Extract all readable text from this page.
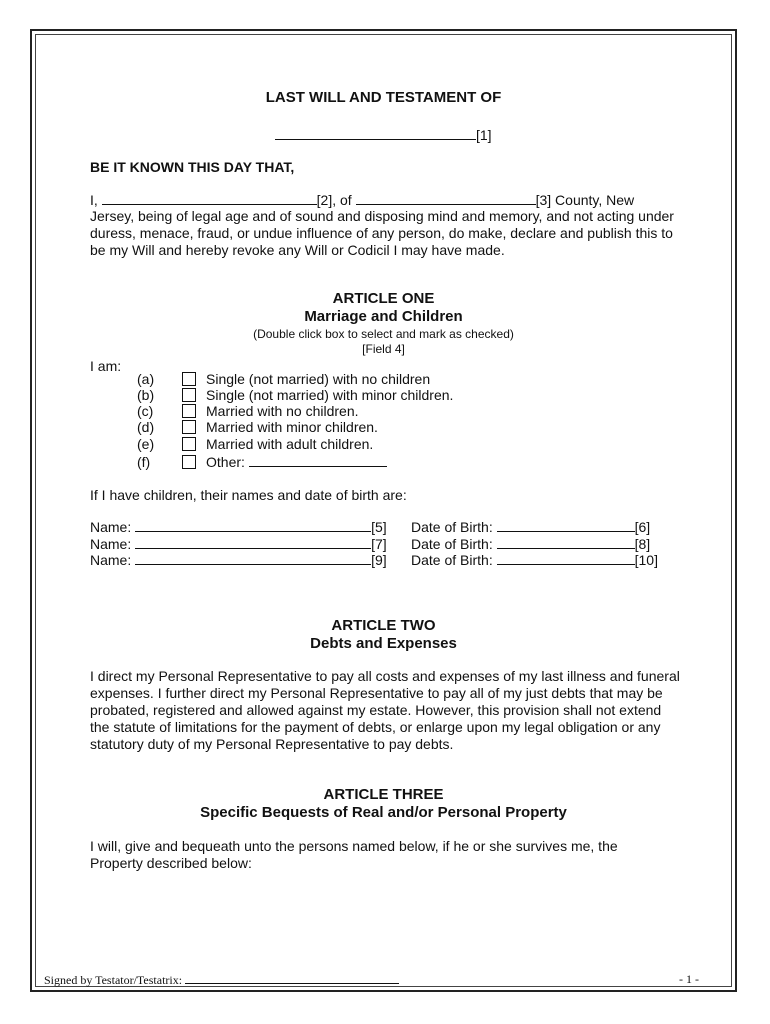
LAST WILL AND TESTAMENT OF
[1]
BE IT KNOWN THIS DAY THAT,
I,	[2], of	[3] County, New
Jersey, being of legal age and of sound and disposing mind and memory, and not acting under
duress, menace, fraud, or undue influence of any person, do make, declare and publish this to
be my Will and hereby revoke any Will or Codicil I may have made.
ARTICLE ONE
Marriage and Children
(Double click box to select and mark as checked)
[Field 4]
I am:
(a)	Single (not married) with no children
(b)	Single (not married) with minor children.
(c)	Married with no children.
(d)	Married with minor children.
(e)	Married with adult children.
(f)	Other:
If I have children, their names and date of birth are:
Name:	[5] Date of Birth:	[6]
Name:	[7] Date of Birth:	[8]
Name:	[9] Date of Birth:	[10]
ARTICLE TWO
Debts and Expenses
I direct my Personal Representative to pay all costs and expenses of my last illness and funeral
expenses. I further direct my Personal Representative to pay all of my just debts that may be
probated, registered and allowed against my estate. However, this provision shall not extend
the statute of limitations for the payment of debts, or enlarge upon my legal obligation or any
statutory duty of my Personal Representative to pay debts.
ARTICLE THREE
Specific Bequests of Real and/or Personal Property
I will, give and bequeath unto the persons named below, if he or she survives me, the
Property described below:
Signed by Testator/Testatrix:	- 1 -
